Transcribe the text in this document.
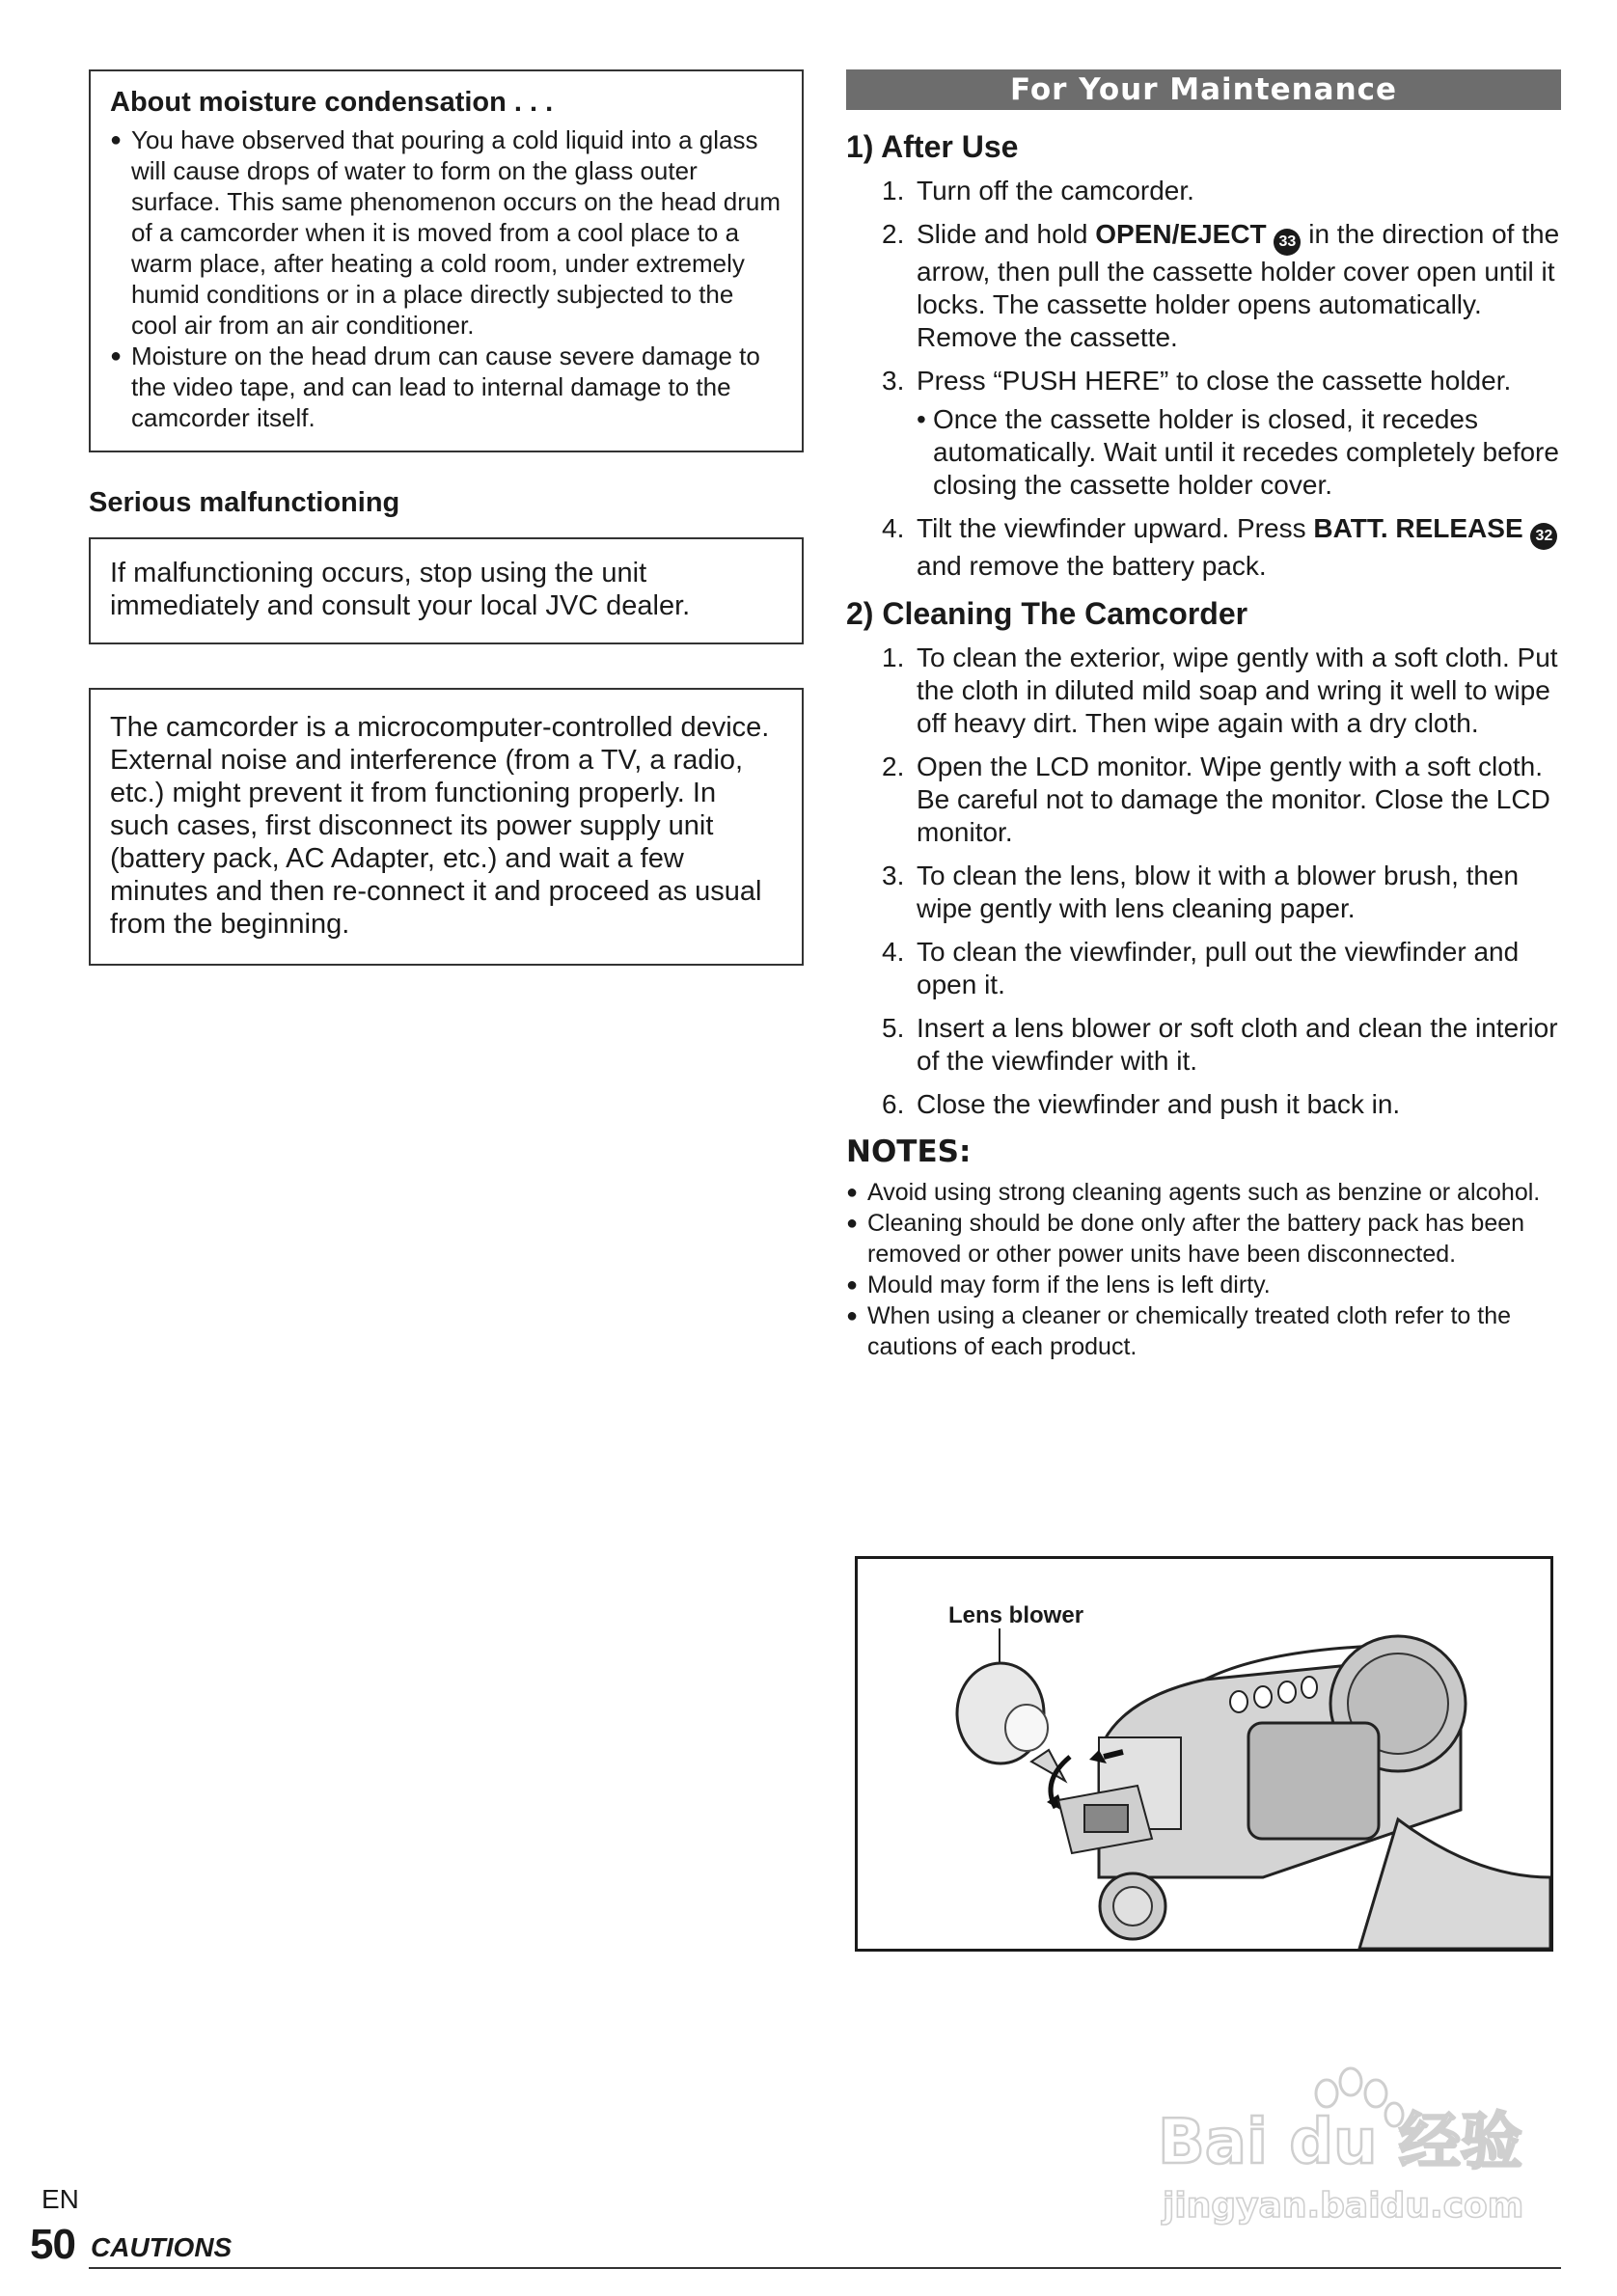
About moisture condensation . . .
● You have observed that pouring a cold liquid into a glass will cause drops of water to form on the glass outer surface. This same phenomenon occurs on the head drum of a camcorder when it is moved from a cool place to a warm place, after heating a cold room, under extremely humid conditions or in a place directly subjected to the cool air from an air conditioner.
● Moisture on the head drum can cause severe damage to the video tape, and can lead to internal damage to the camcorder itself.
Serious malfunctioning

If malfunctioning occurs, stop using the unit immediately and consult your local JVC dealer.

The camcorder is a microcomputer-controlled device. External noise and interference (from a TV, a radio, etc.) might prevent it from functioning properly. In such cases, first disconnect its power supply unit (battery pack, AC Adapter, etc.) and wait a few minutes and then re-connect it and proceed as usual from the beginning.

For Your Maintenance
1) After Use
1. Turn off the camcorder.
2. Slide and hold OPEN/EJECT 33 in the direction of the arrow, then pull the cassette holder cover open until it locks. The cassette holder opens automatically. Remove the cassette.
3. Press “PUSH HERE” to close the cassette holder.
• Once the cassette holder is closed, it recedes automatically. Wait until it recedes completely before closing the cassette holder cover.
4. Tilt the viewfinder upward. Press BATT. RELEASE 32 and remove the battery pack.
2) Cleaning The Camcorder
1. To clean the exterior, wipe gently with a soft cloth. Put the cloth in diluted mild soap and wring it well to wipe off heavy dirt. Then wipe again with a dry cloth.
2. Open the LCD monitor. Wipe gently with a soft cloth. Be careful not to damage the monitor. Close the LCD monitor.
3. To clean the lens, blow it with a blower brush, then wipe gently with lens cleaning paper.
4. To clean the viewfinder, pull out the viewfinder and open it.
5. Insert a lens blower or soft cloth and clean the interior of the viewfinder with it.
6. Close the viewfinder and push it back in.
NOTES:
● Avoid using strong cleaning agents such as benzine or alcohol.
● Cleaning should be done only after the battery pack has been removed or other power units have been disconnected.
● Mould may form if the lens is left dirty.
● When using a cleaner or chemically treated cloth refer to the cautions of each product.
Lens blower
EN
50 CAUTIONS
Bai du 经验
jingyan.baidu.com
